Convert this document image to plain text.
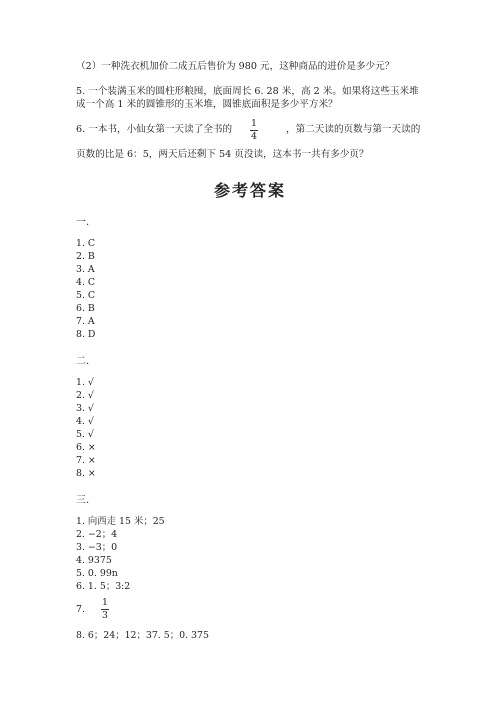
（2）一种洗衣机加价二成五后售价为 980 元，这种商品的进价是多少元？
5. 一个装满玉米的圆柱形粮囤，底面周长 6. 28 米，高 2 米。如果将这些玉米堆
成一个高 1 米的圆锥形的玉米堆，圆锥底面积是多少平方米？
6. 一本书，小仙女第一天读了全书的
1
4
，第二天读的页数与第一天读的
页数的比是 6：5，两天后还剩下 54 页没读，这本书一共有多少页？
参考答案
一.
1. C
2. B
3. A
4. C
5. C
6. B
7. A
8. D
二.
1. √
2. √
3. √
4. √
5. √
6. ×
7. ×
8. ×
三.
1. 向西走 15 米；25
2. −2；4
3. −3；0
4. 9375
5. 0. 99n
6. 1. 5；3:2
7.
1
3
8. 6；24；12；37. 5；0. 375
